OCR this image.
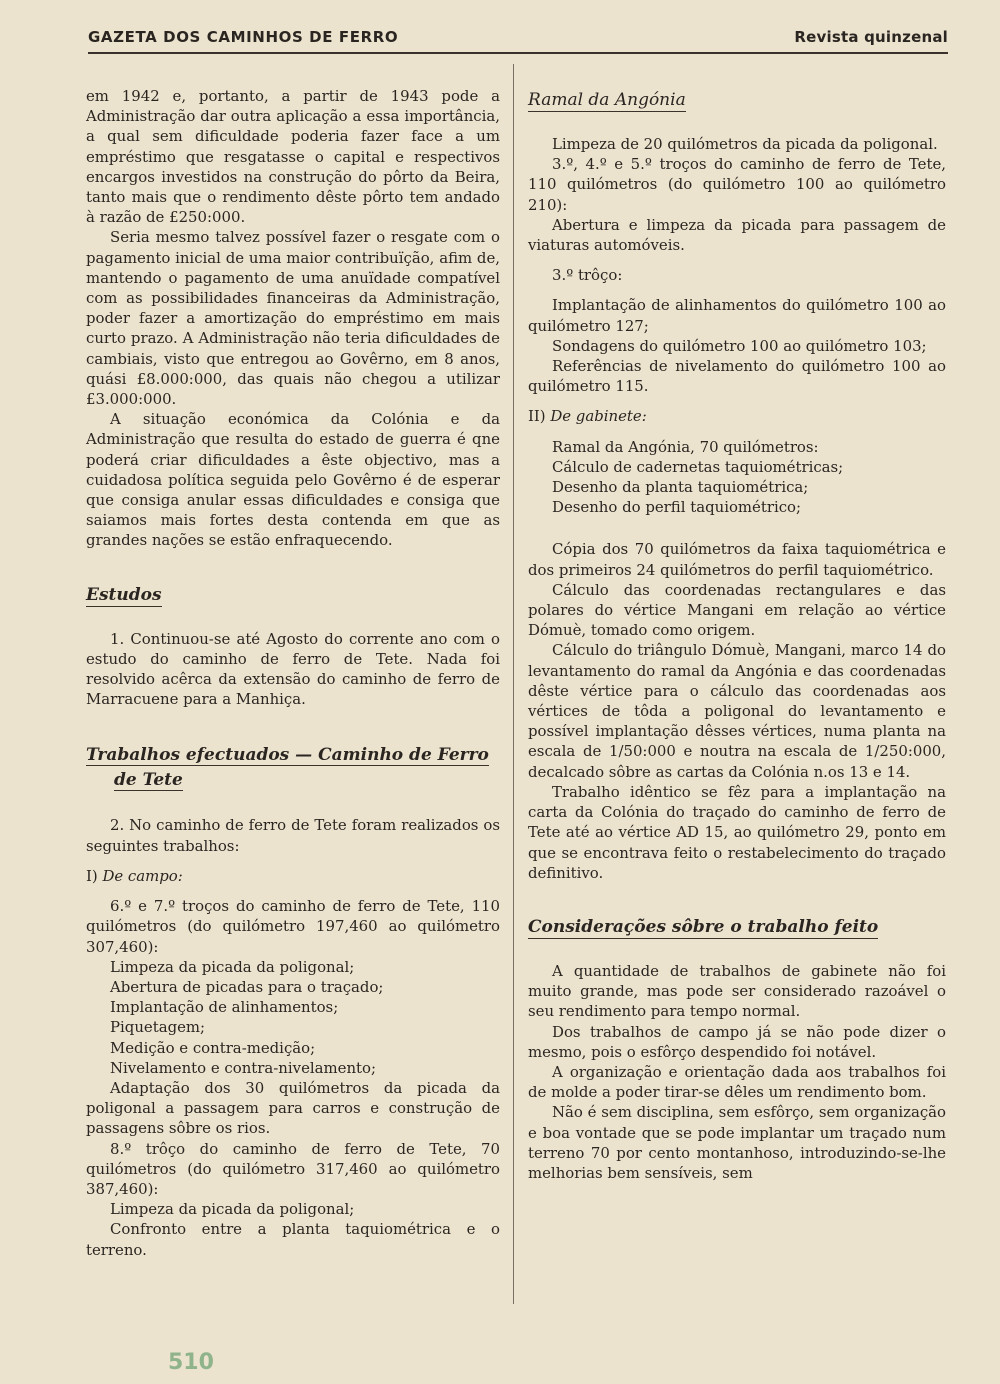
GAZETA DOS CAMINHOS DE FERRO	Revista quinzenal

em 1942 e, portanto, a partir de 1943 pode a Administração dar outra aplicação a essa importância, a qual sem dificuldade poderia fazer face a um empréstimo que resgatasse o capital e respectivos encargos investidos na construção do pôrto da Beira, tanto mais que o rendimento dêste pôrto tem andado à razão de £250:000.

Seria mesmo talvez possível fazer o resgate com o pagamento inicial de uma maior contribuïção, afim de, mantendo o pagamento de uma anuïdade compatível com as possibilidades financeiras da Administração, poder fazer a amortização do empréstimo em mais curto prazo. A Administração não teria dificuldades de cambiais, visto que entregou ao Govêrno, em 8 anos, quási £8.000:000, das quais não chegou a utilizar £3.000:000.

A situação económica da Colónia e da Administração que resulta do estado de guerra é qne poderá criar dificuldades a êste objectivo, mas a cuidadosa política seguida pelo Govêrno é de esperar que consiga anular essas dificuldades e consiga que saiamos mais fortes desta contenda em que as grandes nações se estão enfraquecendo.

Estudos

1. Continuou-se até Agosto do corrente ano com o estudo do caminho de ferro de Tete. Nada foi resolvido acêrca da extensão do caminho de ferro de Marracuene para a Manhiça.

Trabalhos efectuados — Caminho de Ferro
de Tete

2. No caminho de ferro de Tete foram realizados os seguintes trabalhos:

I) De campo:

6.º e 7.º troços do caminho de ferro de Tete, 110 quilómetros (do quilómetro 197,460 ao quilómetro 307,460):

Limpeza da picada da poligonal;

Abertura de picadas para o traçado;

Implantação de alinhamentos;

Piquetagem;

Medição e contra-medição;

Nivelamento e contra-nivelamento;

Adaptação dos 30 quilómetros da picada da poligonal a passagem para carros e construção de passagens sôbre os rios.

8.º trôço do caminho de ferro de Tete, 70 quilómetros (do quilómetro 317,460 ao quilómetro 387,460):

Limpeza da picada da poligonal;

Confronto entre a planta taquiométrica e o terreno.

Ramal da Angónia

Limpeza de 20 quilómetros da picada da poligonal.

3.º, 4.º e 5.º troços do caminho de ferro de Tete, 110 quilómetros (do quilómetro 100 ao quilómetro 210):

Abertura e limpeza da picada para passagem de viaturas automóveis.

3.º trôço:

Implantação de alinhamentos do quilómetro 100 ao quilómetro 127;

Sondagens do quilómetro 100 ao quilómetro 103;

Referências de nivelamento do quilómetro 100 ao quilómetro 115.

II) De gabinete:

Ramal da Angónia, 70 quilómetros:

Cálculo de cadernetas taquiométricas;

Desenho da planta taquiométrica;

Desenho do perfil taquiométrico;

Cópia dos 70 quilómetros da faixa taquiométrica e dos primeiros 24 quilómetros do perfil taquiométrico.

Cálculo das coordenadas rectangulares e das polares do vértice Mangani em relação ao vértice Dómuè, tomado como origem.

Cálculo do triângulo Dómuè, Mangani, marco 14 do levantamento do ramal da Angónia e das coordenadas dêste vértice para o cálculo das coordenadas aos vértices de tôda a poligonal do levantamento e possível implantação dêsses vértices, numa planta na escala de 1/50:000 e noutra na escala de 1/250:000, decalcado sôbre as cartas da Colónia n.os 13 e 14.

Trabalho idêntico se fêz para a implantação na carta da Colónia do traçado do caminho de ferro de Tete até ao vértice AD 15, ao quilómetro 29, ponto em que se encontrava feito o restabelecimento do traçado definitivo.

Considerações sôbre o trabalho feito

A quantidade de trabalhos de gabinete não foi muito grande, mas pode ser considerado razoável o seu rendimento para tempo normal.

Dos trabalhos de campo já se não pode dizer o mesmo, pois o esfôrço despendido foi notável.

A organização e orientação dada aos trabalhos foi de molde a poder tirar-se dêles um rendimento bom.

Não é sem disciplina, sem esfôrço, sem organização e boa vontade que se pode implantar um traçado num terreno 70 por cento montanhoso, introduzindo-se-lhe melhorias bem sensíveis, sem

510
